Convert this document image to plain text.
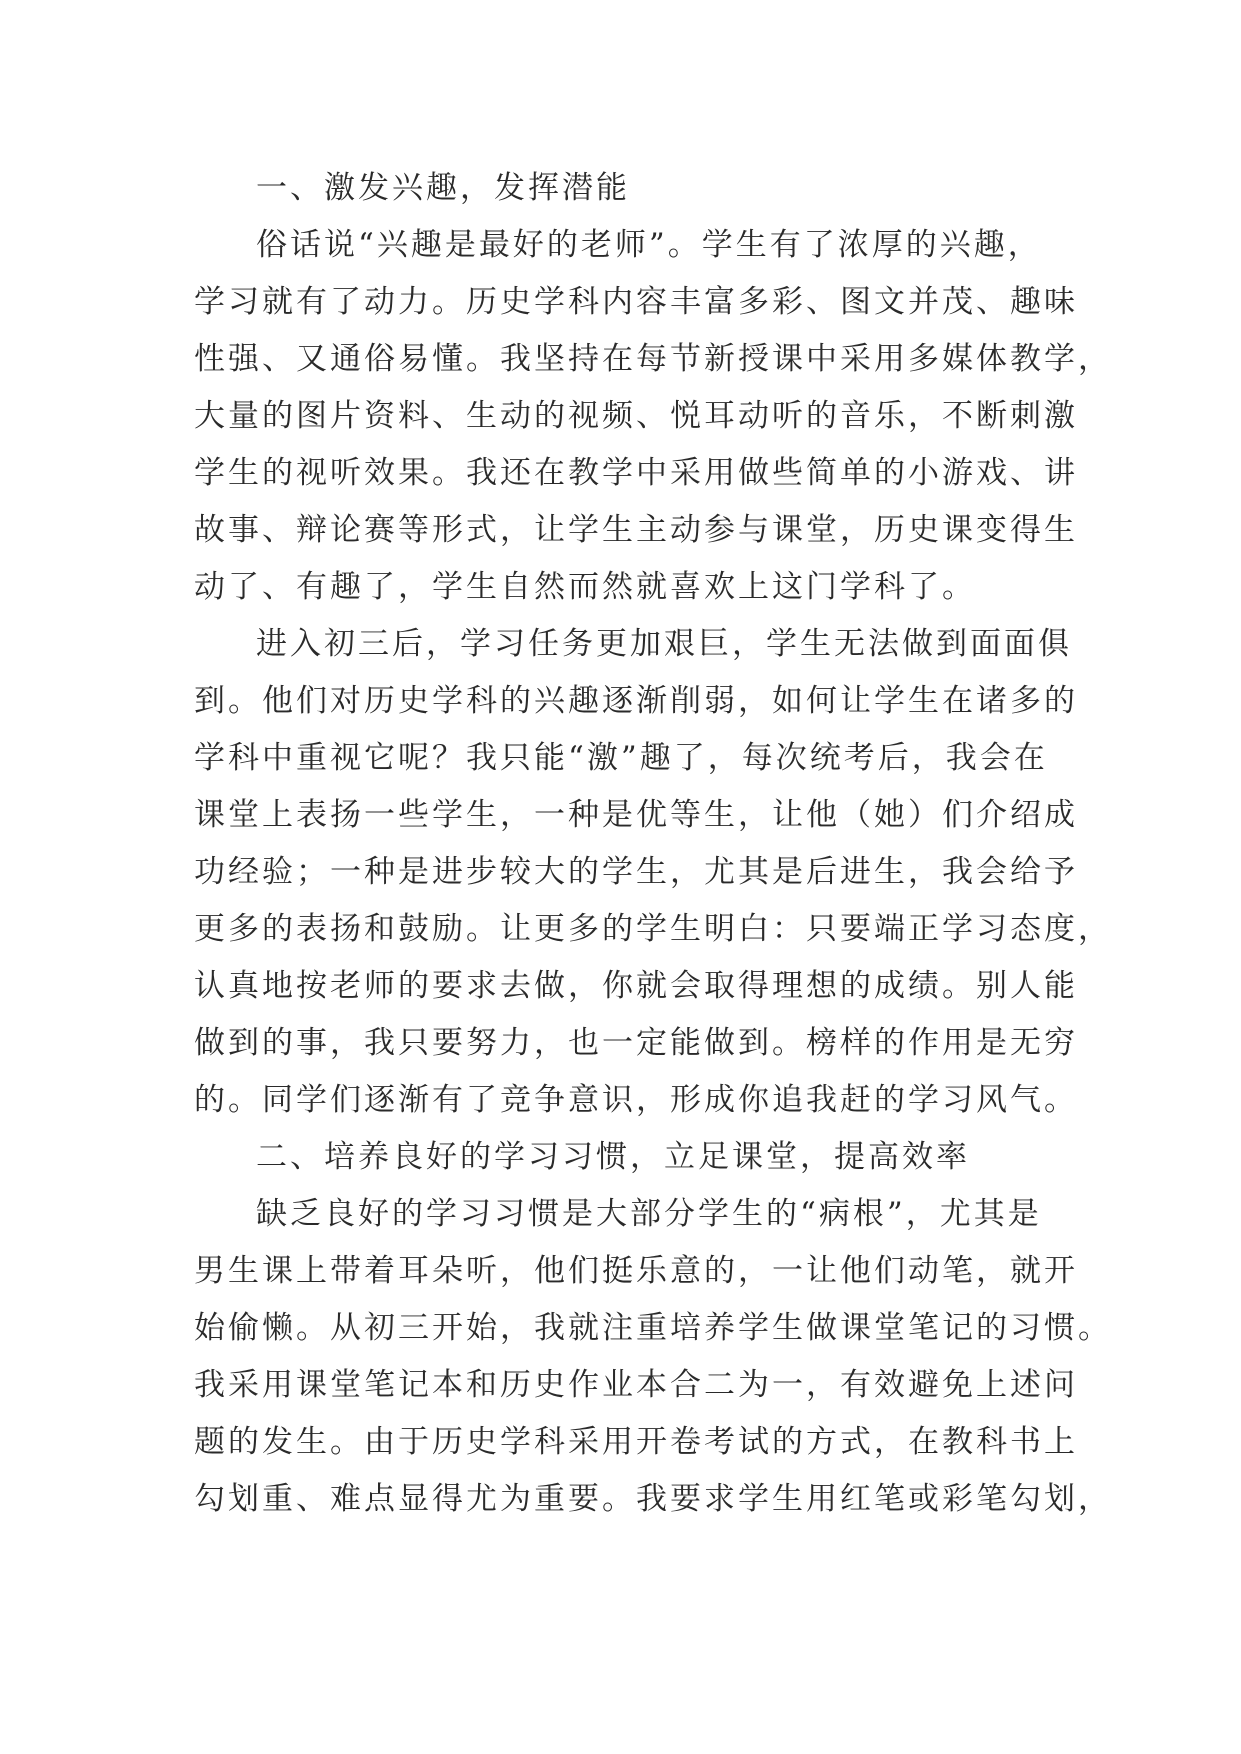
一、激发兴趣，发挥潜能
俗话说“兴趣是最好的老师”。学生有了浓厚的兴趣，
学习就有了动力。历史学科内容丰富多彩、图文并茂、趣味
性强、又通俗易懂。我坚持在每节新授课中采用多媒体教学，
大量的图片资料、生动的视频、悦耳动听的音乐，不断刺激
学生的视听效果。我还在教学中采用做些简单的小游戏、讲
故事、辩论赛等形式，让学生主动参与课堂，历史课变得生
动了、有趣了，学生自然而然就喜欢上这门学科了。
进入初三后，学习任务更加艰巨，学生无法做到面面俱
到。他们对历史学科的兴趣逐渐削弱，如何让学生在诸多的
学科中重视它呢？我只能“激”趣了，每次统考后，我会在
课堂上表扬一些学生，一种是优等生，让他（她）们介绍成
功经验；一种是进步较大的学生，尤其是后进生，我会给予
更多的表扬和鼓励。让更多的学生明白：只要端正学习态度，
认真地按老师的要求去做，你就会取得理想的成绩。别人能
做到的事，我只要努力，也一定能做到。榜样的作用是无穷
的。同学们逐渐有了竞争意识，形成你追我赶的学习风气。
二、培养良好的学习习惯，立足课堂，提高效率
缺乏良好的学习习惯是大部分学生的“病根”，尤其是
男生课上带着耳朵听，他们挺乐意的，一让他们动笔，就开
始偷懒。从初三开始，我就注重培养学生做课堂笔记的习惯。
我采用课堂笔记本和历史作业本合二为一，有效避免上述问
题的发生。由于历史学科采用开卷考试的方式，在教科书上
勾划重、难点显得尤为重要。我要求学生用红笔或彩笔勾划，
